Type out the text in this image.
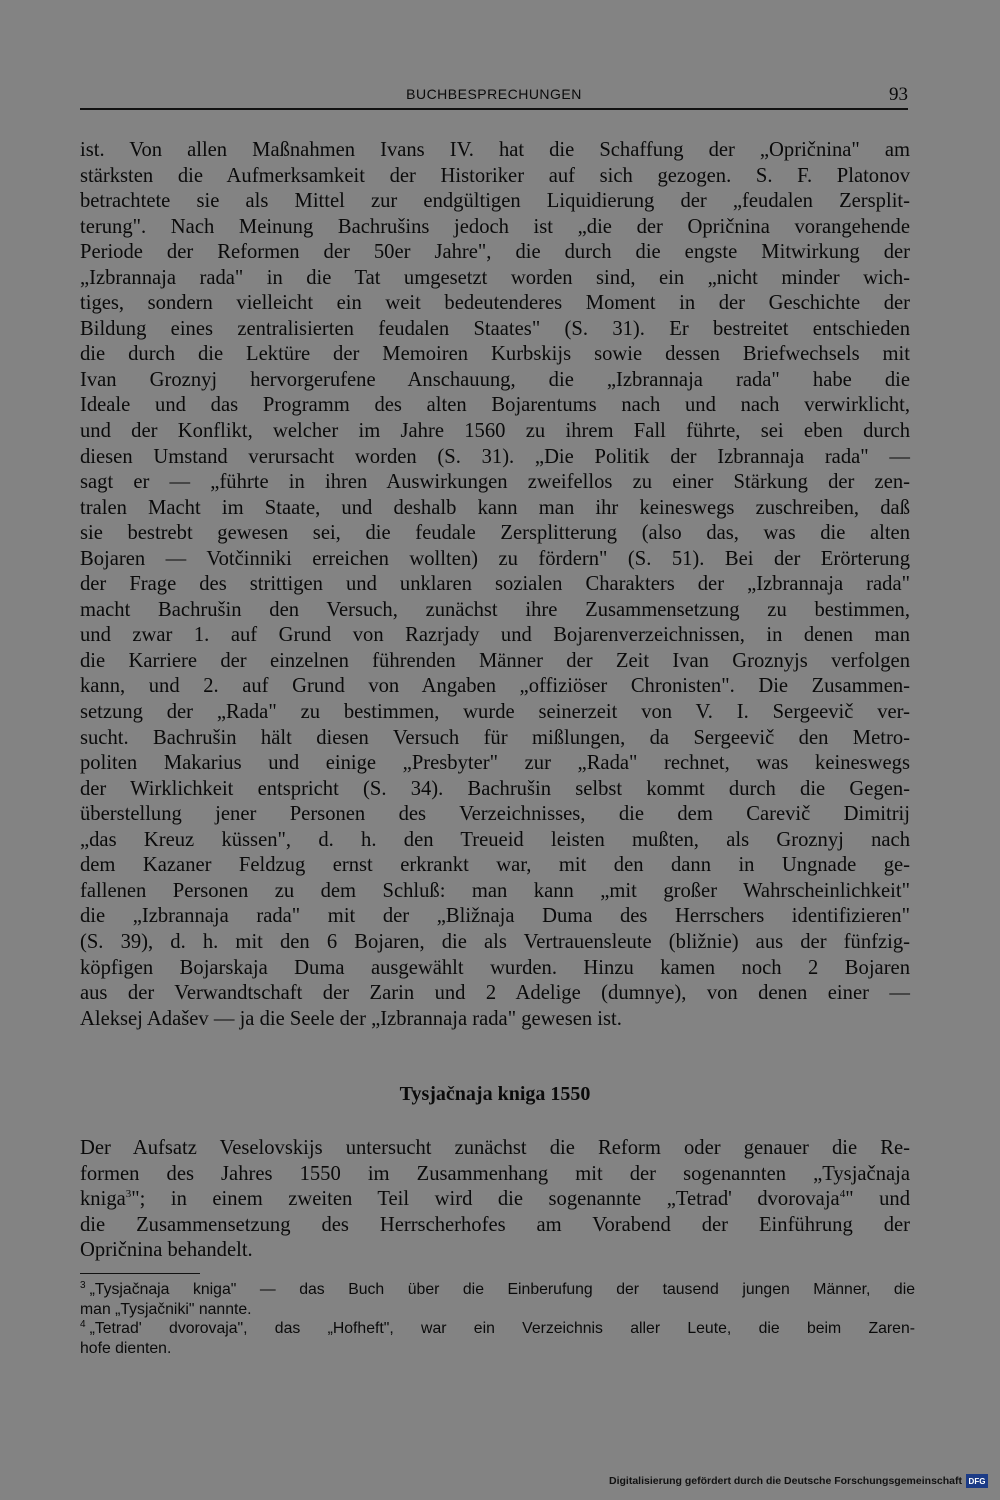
BUCHBESPRECHUNGEN	93
ist. Von allen Maßnahmen Ivans IV. hat die Schaffung der „Opričnina" am
stärksten die Aufmerksamkeit der Historiker auf sich gezogen. S. F. Platonov
betrachtete sie als Mittel zur endgültigen Liquidierung der „feudalen Zersplit-
terung". Nach Meinung Bachrušins jedoch ist „die der Opričnina vorangehende
Periode der Reformen der 50er Jahre", die durch die engste Mitwirkung der
„Izbrannaja rada" in die Tat umgesetzt worden sind, ein „nicht minder wich-
tiges, sondern vielleicht ein weit bedeutenderes Moment in der Geschichte der
Bildung eines zentralisierten feudalen Staates" (S. 31). Er bestreitet entschieden
die durch die Lektüre der Memoiren Kurbskijs sowie dessen Briefwechsels mit
Ivan Groznyj hervorgerufene Anschauung, die „Izbrannaja rada" habe die
Ideale und das Programm des alten Bojarentums nach und nach verwirklicht,
und der Konflikt, welcher im Jahre 1560 zu ihrem Fall führte, sei eben durch
diesen Umstand verursacht worden (S. 31). „Die Politik der Izbrannaja rada" —
sagt er — „führte in ihren Auswirkungen zweifellos zu einer Stärkung der zen-
tralen Macht im Staate, und deshalb kann man ihr keineswegs zuschreiben, daß
sie bestrebt gewesen sei, die feudale Zersplitterung (also das, was die alten
Bojaren — Votčinniki erreichen wollten) zu fördern" (S. 51). Bei der Erörterung
der Frage des strittigen und unklaren sozialen Charakters der „Izbrannaja rada"
macht Bachrušin den Versuch, zunächst ihre Zusammensetzung zu bestimmen,
und zwar 1. auf Grund von Razrjady und Bojarenverzeichnissen, in denen man
die Karriere der einzelnen führenden Männer der Zeit Ivan Groznyjs verfolgen
kann, und 2. auf Grund von Angaben „offiziöser Chronisten". Die Zusammen-
setzung der „Rada" zu bestimmen, wurde seinerzeit von V. I. Sergeevič ver-
sucht. Bachrušin hält diesen Versuch für mißlungen, da Sergeevič den Metro-
politen Makarius und einige „Presbyter" zur „Rada" rechnet, was keineswegs
der Wirklichkeit entspricht (S. 34). Bachrušin selbst kommt durch die Gegen-
überstellung jener Personen des Verzeichnisses, die dem Carevič Dimitrij
„das Kreuz küssen", d. h. den Treueid leisten mußten, als Groznyj nach
dem Kazaner Feldzug ernst erkrankt war, mit den dann in Ungnade ge-
fallenen Personen zu dem Schluß: man kann „mit großer Wahrscheinlichkeit"
die „Izbrannaja rada" mit der „Bližnaja Duma des Herrschers identifizieren"
(S. 39), d. h. mit den 6 Bojaren, die als Vertrauensleute (bližnie) aus der fünfzig-
köpfigen Bojarskaja Duma ausgewählt wurden. Hinzu kamen noch 2 Bojaren
aus der Verwandtschaft der Zarin und 2 Adelige (dumnye), von denen einer —
Aleksej Adašev — ja die Seele der „Izbrannaja rada" gewesen ist.
Tysjačnaja kniga 1550
Der Aufsatz Veselovskijs untersucht zunächst die Reform oder genauer die Re-
formen des Jahres 1550 im Zusammenhang mit der sogenannten „Tysjačnaja
kniga$^3$"; in einem zweiten Teil wird die sogenannte „Tetrad' dvorovaja$^4$" und
die Zusammensetzung des Herrscherhofes am Vorabend der Einführung der
Opričnina behandelt.
$^3$ „Tysjačnaja kniga" — das Buch über die Einberufung der tausend jungen Männer, die
man „Tysjačniki" nannte.
$^4$ „Tetrad' dvorovaja", das „Hofheft", war ein Verzeichnis aller Leute, die beim Zaren-
hofe dienten.
Digitalisierung gefördert durch die Deutsche Forschungsgemeinschaft DFG
